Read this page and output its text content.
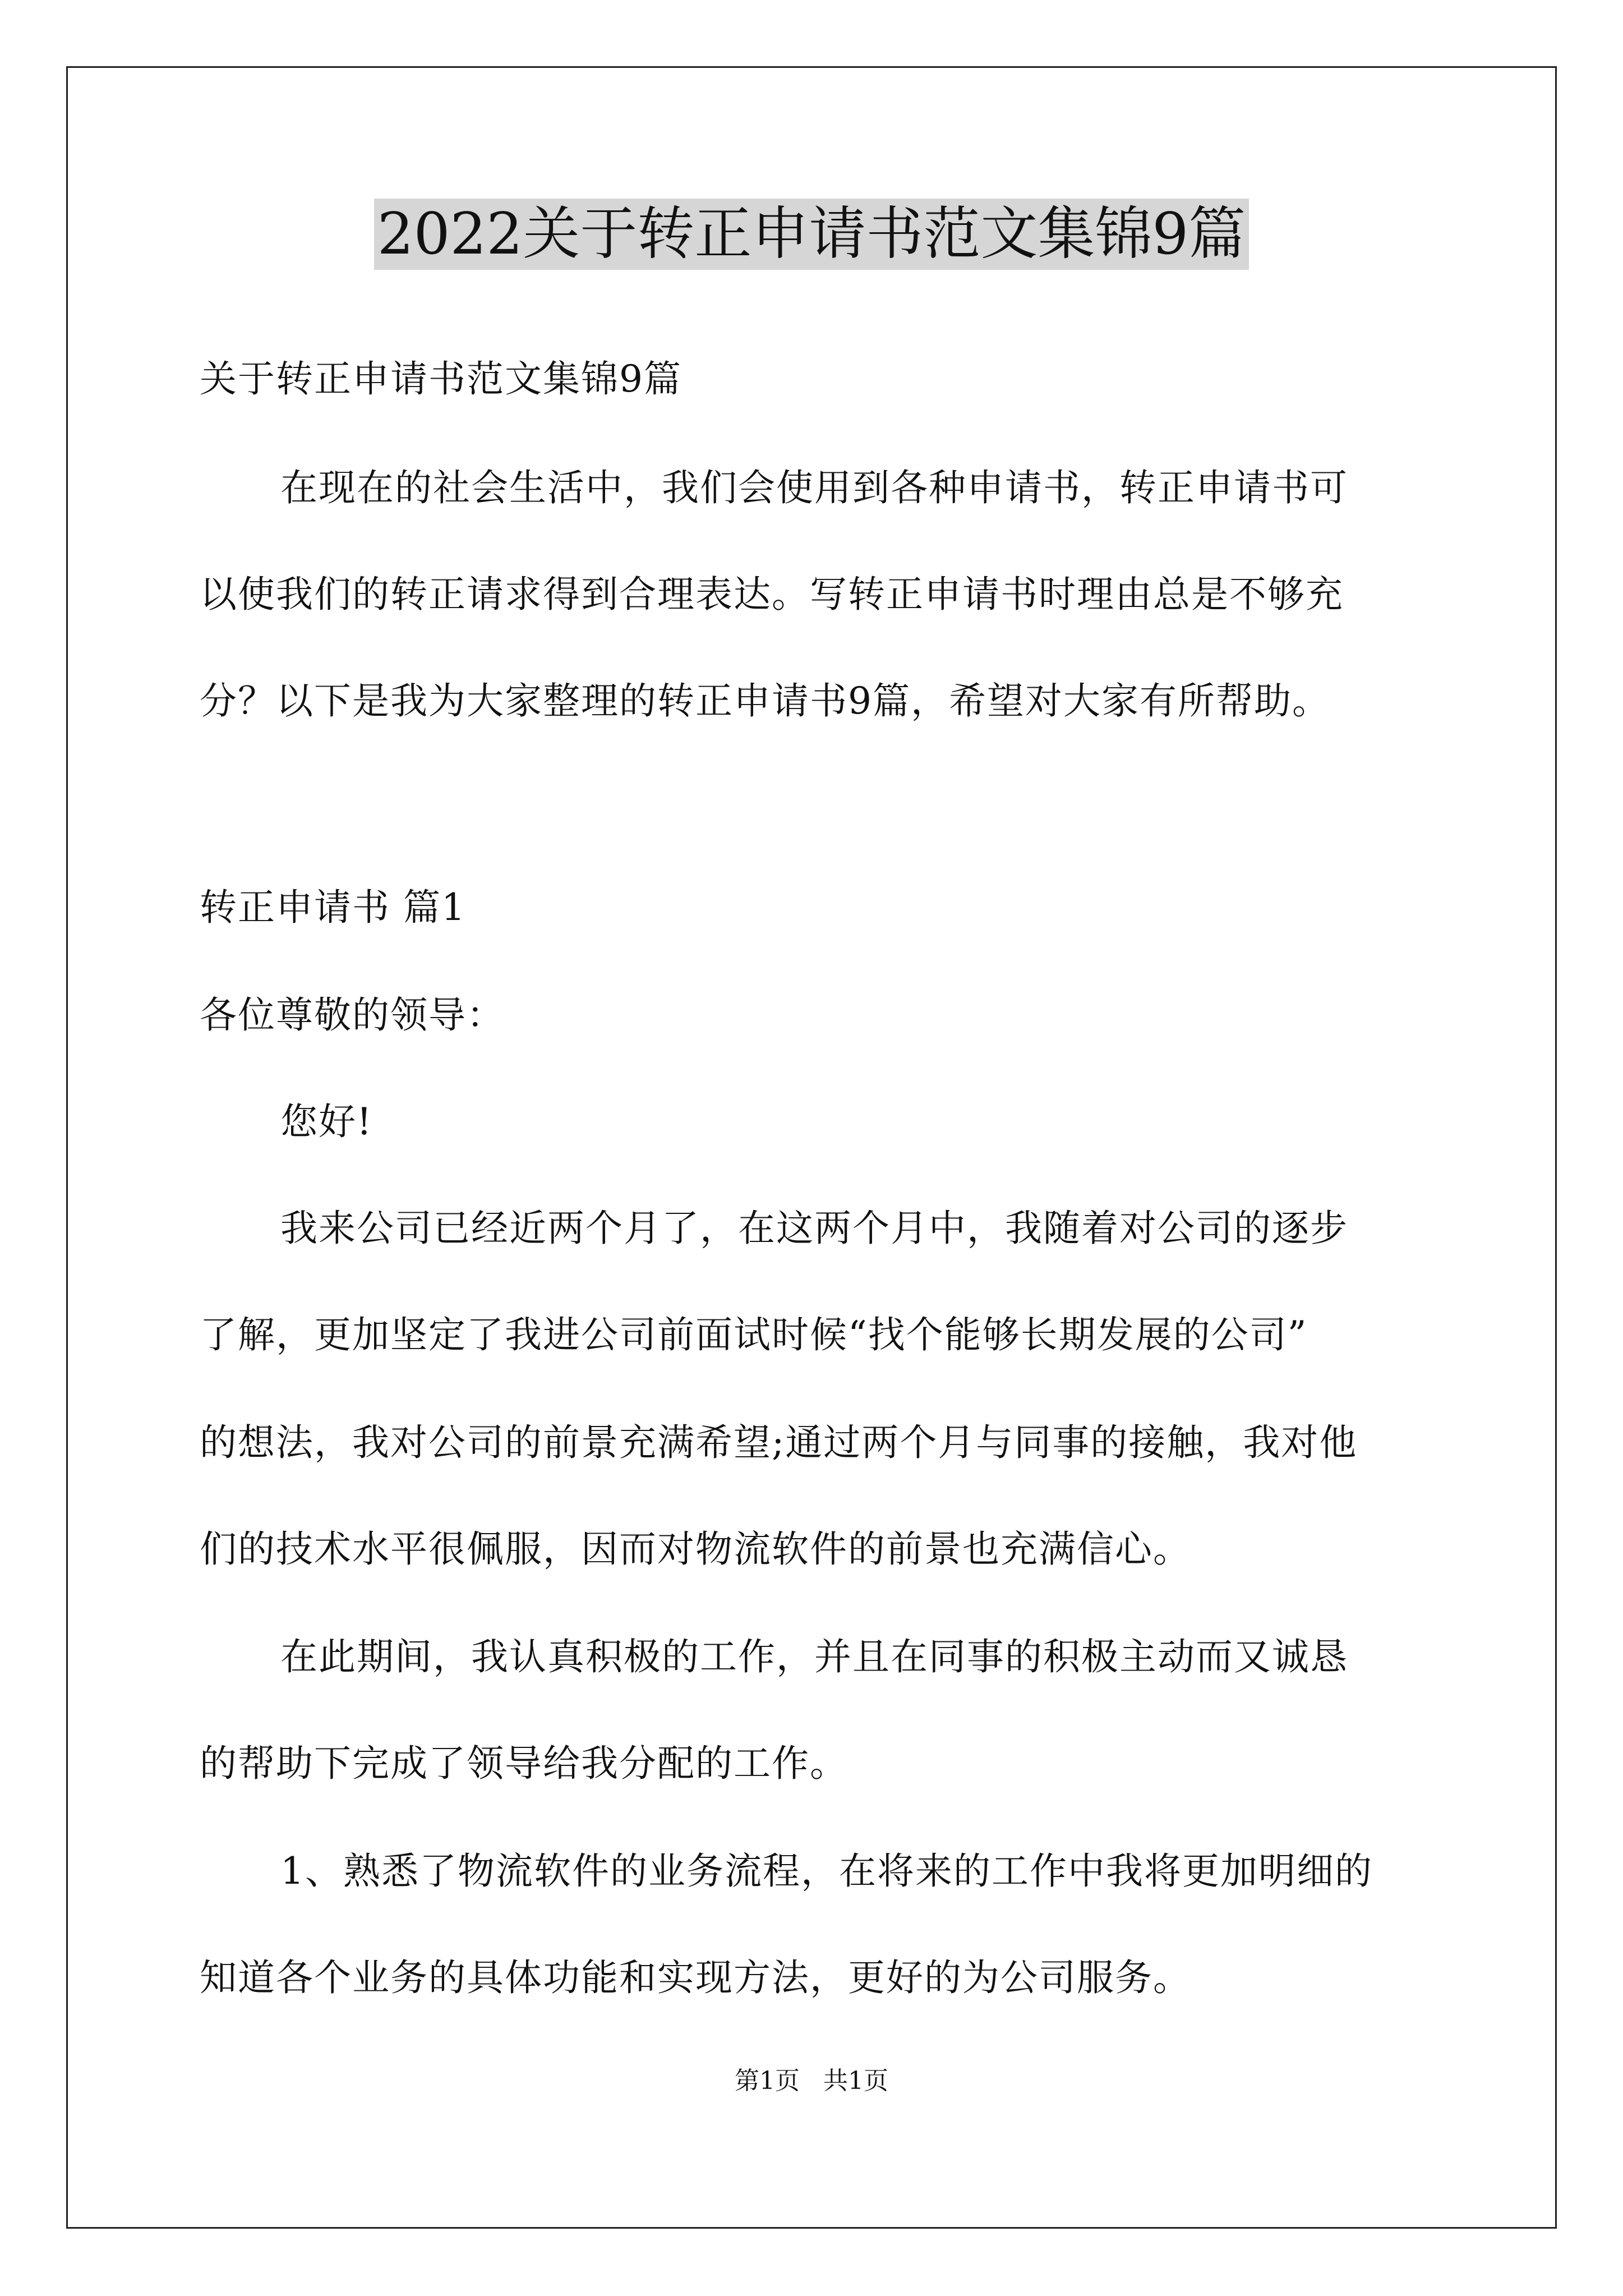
2022关于转正申请书范文集锦9篇
关于转正申请书范文集锦9篇
在现在的社会生活中，我们会使用到各种申请书，转正申请书可
以使我们的转正请求得到合理表达。写转正申请书时理由总是不够充
分？以下是我为大家整理的转正申请书9篇，希望对大家有所帮助。
转正申请书 篇1
各位尊敬的领导：
您好!
我来公司已经近两个月了，在这两个月中，我随着对公司的逐步
了解，更加坚定了我进公司前面试时候“找个能够长期发展的公司”
的想法，我对公司的前景充满希望;通过两个月与同事的接触，我对他
们的技术水平很佩服，因而对物流软件的前景也充满信心。
在此期间，我认真积极的工作，并且在同事的积极主动而又诚恳
的帮助下完成了领导给我分配的工作。
1、熟悉了物流软件的业务流程，在将来的工作中我将更加明细的
知道各个业务的具体功能和实现方法，更好的为公司服务。
第1页 共1页
